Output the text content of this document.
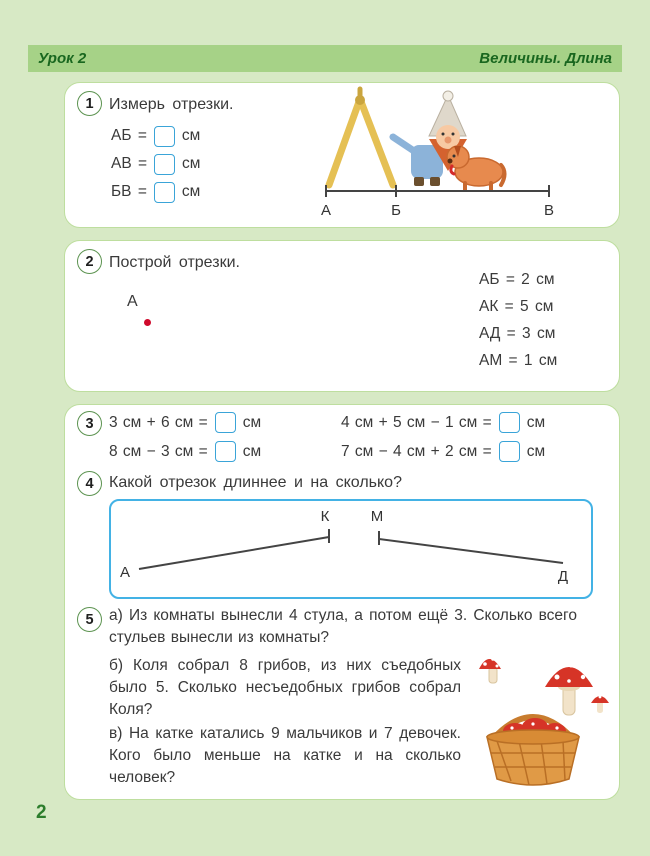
Урок 2	Величины. Длина
1 Измерь отрезки.
АБ = см
АВ = см
БВ = см
А	Б	В
2 Построй отрезки.
А
АБ = 2 см
АК = 5 см
АД = 3 см
АМ = 1 см
3 3 см + 6 см = см	4 см + 5 см − 1 см = см
8 см − 3 см = см	7 см − 4 см + 2 см = см
4 Какой отрезок длиннее и на сколько?
К	М
А	Д
5 а) Из комнаты вынесли 4 стула, а потом ещё 3. Сколько всего стульев вынесли из комнаты?
б) Коля собрал 8 грибов, из них съедобных было 5. Сколько несъедобных грибов собрал Коля?
в) На катке катались 9 мальчиков и 7 девочек. Кого было меньше на катке и на сколько человек?
2
